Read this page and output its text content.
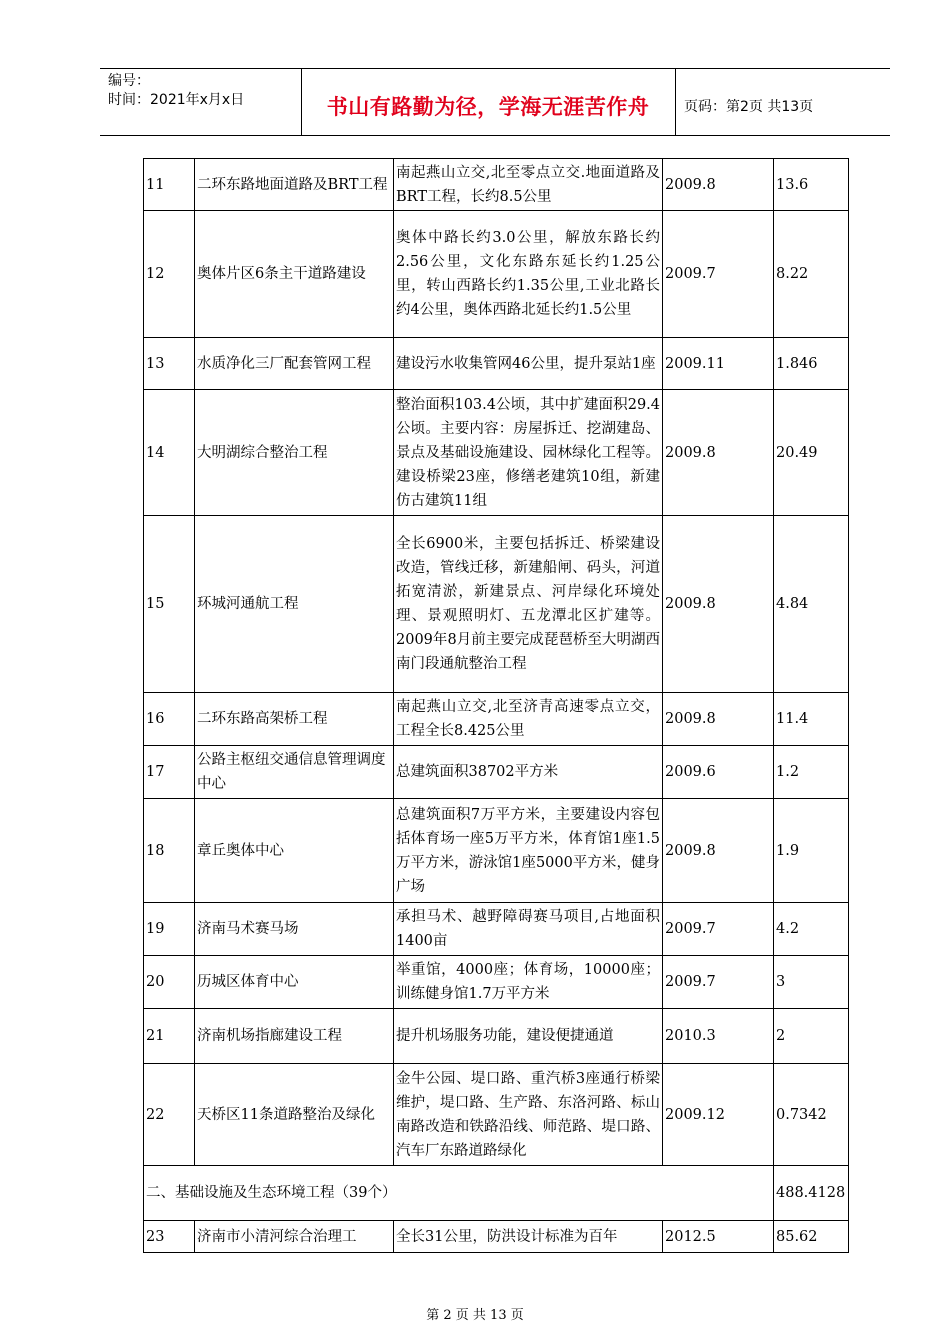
编号：
时间：2021年x月x日	书山有路勤为径，学海无涯苦作舟	页码：第2页 共13页
11	二环东路地面道路及BRT工程	南起燕山立交,北至零点立交.地面道路及BRT工程，长约8.5公里	2009.8	13.6
12	奥体片区6条主干道路建设	奥体中路长约3.0公里，解放东路长约2.56公里，文化东路东延长约1.25公里，转山西路长约1.35公里,工业北路长约4公里，奥体西路北延长约1.5公里	2009.7	8.22
13	水质净化三厂配套管网工程	建设污水收集管网46公里，提升泵站1座	2009.11	1.846
14	大明湖综合整治工程	整治面积103.4公顷，其中扩建面积29.4公顷。主要内容：房屋拆迁、挖湖建岛、景点及基础设施建设、园林绿化工程等。建设桥梁23座，修缮老建筑10组，新建仿古建筑11组	2009.8	20.49
15	环城河通航工程	全长6900米，主要包括拆迁、桥梁建设改造，管线迁移，新建船闸、码头，河道拓宽清淤，新建景点、河岸绿化环境处理、景观照明灯、五龙潭北区扩建等。2009年8月前主要完成琵琶桥至大明湖西南门段通航整治工程	2009.8	4.84
16	二环东路高架桥工程	南起燕山立交,北至济青高速零点立交，工程全长8.425公里	2009.8	11.4
17	公路主枢纽交通信息管理调度中心	总建筑面积38702平方米	2009.6	1.2
18	章丘奥体中心	总建筑面积7万平方米，主要建设内容包括体育场一座5万平方米，体育馆1座1.5万平方米，游泳馆1座5000平方米，健身广场	2009.8	1.9
19	济南马术赛马场	承担马术、越野障碍赛马项目,占地面积1400亩	2009.7	4.2
20	历城区体育中心	举重馆，4000座；体育场，10000座；训练健身馆1.7万平方米	2009.7	3
21	济南机场指廊建设工程	提升机场服务功能，建设便捷通道	2010.3	2
22	天桥区11条道路整治及绿化	金牛公园、堤口路、重汽桥3座通行桥梁维护，堤口路、生产路、东洛河路、标山南路改造和铁路沿线、师范路、堤口路、汽车厂东路道路绿化	2009.12	0.7342
二、基础设施及生态环境工程（39个）				488.4128
23	济南市小清河综合治理工	全长31公里，防洪设计标准为百年	2012.5	85.62
第 2 页 共 13 页
